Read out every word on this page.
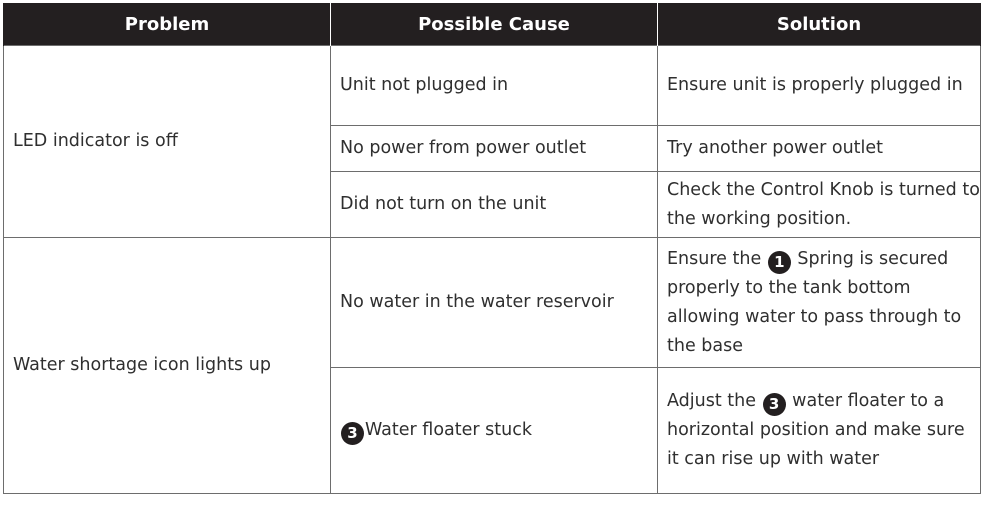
Problem	Possible Cause	Solution
LED indicator is off	Unit not plugged in	Ensure unit is properly plugged in
	No power from power outlet	Try another power outlet
	Did not turn on the unit	Check the Control Knob is turned to the working position.
Water shortage icon lights up	No water in the water reservoir	Ensure the 1 Spring is secured properly to the tank bottom allowing water to pass through to the base
	3 Water floater stuck	Adjust the 3 water floater to a horizontal position and make sure it can rise up with water
